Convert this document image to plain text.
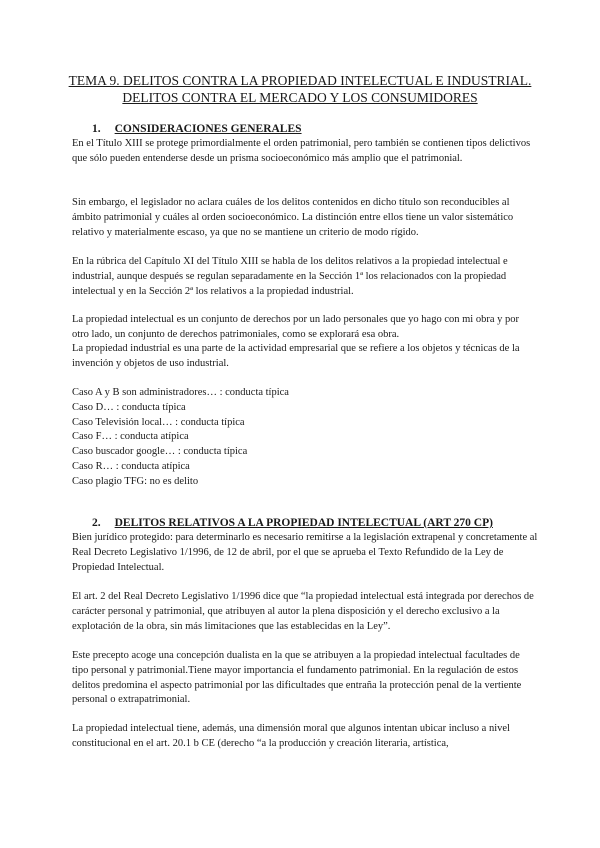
TEMA 9. DELITOS CONTRA LA PROPIEDAD INTELECTUAL E INDUSTRIAL.
DELITOS CONTRA EL MERCADO Y LOS CONSUMIDORES
1. CONSIDERACIONES GENERALES

En el Título XIII se protege primordialmente el orden patrimonial, pero también se contienen tipos delictivos que sólo pueden entenderse desde un prisma socioeconómico más amplio que el patrimonial.

Sin embargo, el legislador no aclara cuáles de los delitos contenidos en dicho título son reconducibles al ámbito patrimonial y cuáles al orden socioeconómico. La distinción entre ellos tiene un valor sistemático relativo y materialmente escaso, ya que no se mantiene un criterio de modo rígido.

En la rúbrica del Capítulo XI del Título XIII se habla de los delitos relativos a la propiedad intelectual e industrial, aunque después se regulan separadamente en la Sección 1ª los relacionados con la propiedad intelectual y en la Sección 2ª los relativos a la propiedad industrial.

La propiedad intelectual es un conjunto de derechos por un lado personales que yo hago con mi obra y por otro lado, un conjunto de derechos patrimoniales, como se explorará esa obra.

La propiedad industrial es una parte de la actividad empresarial que se refiere a los objetos y técnicas de la invención y objetos de uso industrial.

Caso A y B son administradores… : conducta típica
Caso D… : conducta típica
Caso Televisión local… : conducta típica
Caso F… : conducta atípica
Caso buscador google… : conducta típica
Caso R… : conducta atípica
Caso plagio TFG: no es delito
2. DELITOS RELATIVOS A LA PROPIEDAD INTELECTUAL (ART 270 CP)

Bien jurídico protegido: para determinarlo es necesario remitirse a la legislación extrapenal y concretamente al Real Decreto Legislativo 1/1996, de 12 de abril, por el que se aprueba el Texto Refundido de la Ley de Propiedad Intelectual.

El art. 2 del Real Decreto Legislativo 1/1996 dice que “la propiedad intelectual está integrada por derechos de carácter personal y patrimonial, que atribuyen al autor la plena disposición y el derecho exclusivo a la explotación de la obra, sin más limitaciones que las establecidas en la Ley”.

Este precepto acoge una concepción dualista en la que se atribuyen a la propiedad intelectual facultades de tipo personal y patrimonial.Tiene mayor importancia el fundamento patrimonial. En la regulación de estos delitos predomina el aspecto patrimonial por las dificultades que entraña la protección penal de la vertiente personal o extrapatrimonial.

La propiedad intelectual tiene, además, una dimensión moral que algunos intentan ubicar incluso a nivel constitucional en el art. 20.1 b CE (derecho “a la producción y creación literaria, artística,
